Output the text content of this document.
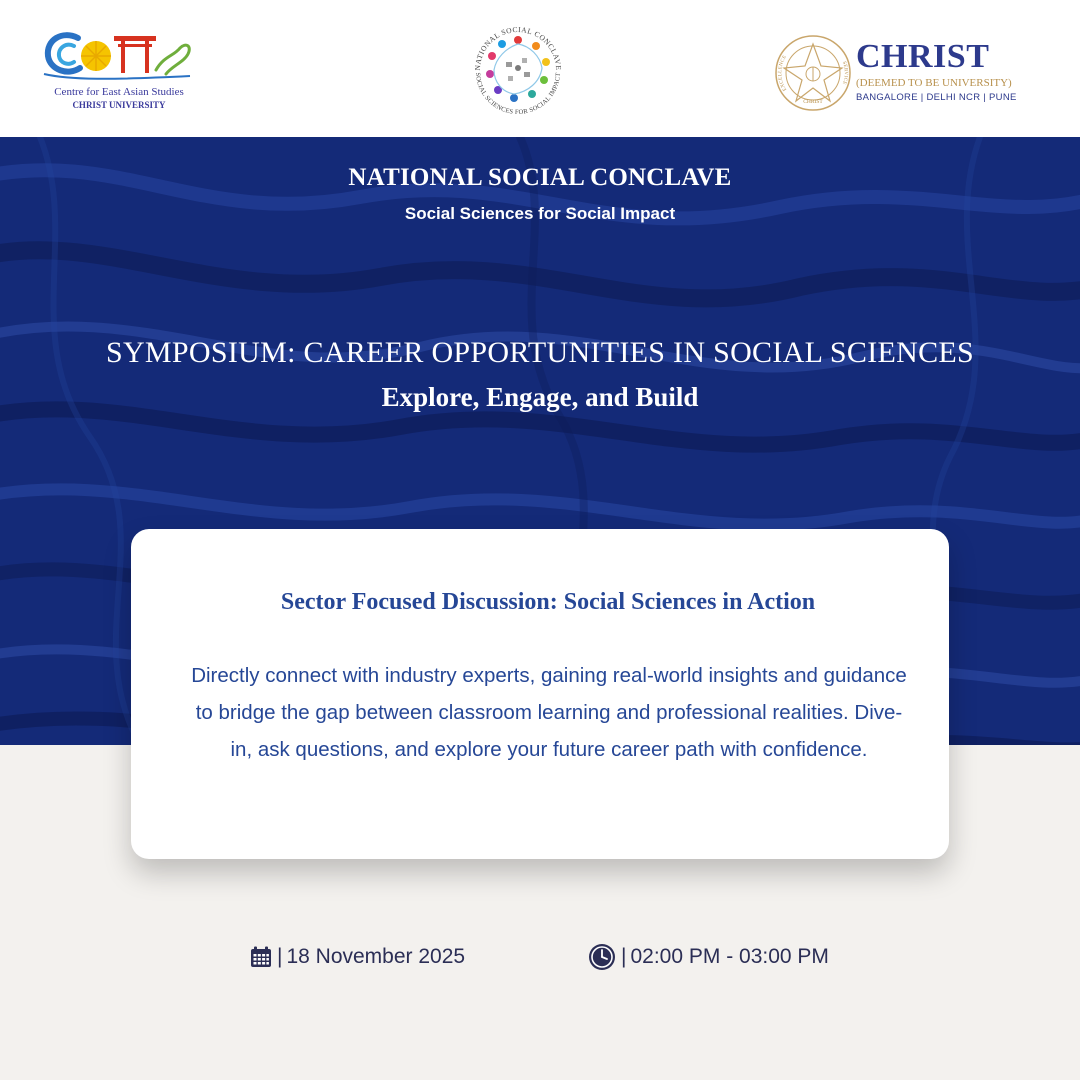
Centre for East Asian Studies
CHRIST UNIVERSITY
NATIONAL SOCIAL CONCLAVE
SOCIAL SCIENCES FOR SOCIAL IMPACT
EXCELLENCE
SERVICE
CHRIST
CHRIST
(DEEMED TO BE UNIVERSITY)
BANGALORE | DELHI NCR | PUNE
NATIONAL SOCIAL CONCLAVE
Social Sciences for Social Impact
SYMPOSIUM: CAREER OPPORTUNITIES IN SOCIAL SCIENCES
Explore, Engage, and Build
Sector Focused Discussion: Social Sciences in Action
Directly connect with industry experts, gaining real-world insights and guidance to bridge the gap between classroom learning and professional realities. Dive-in, ask questions, and explore your future career path with confidence.
| 18 November 2025	| 02:00 PM - 03:00 PM
